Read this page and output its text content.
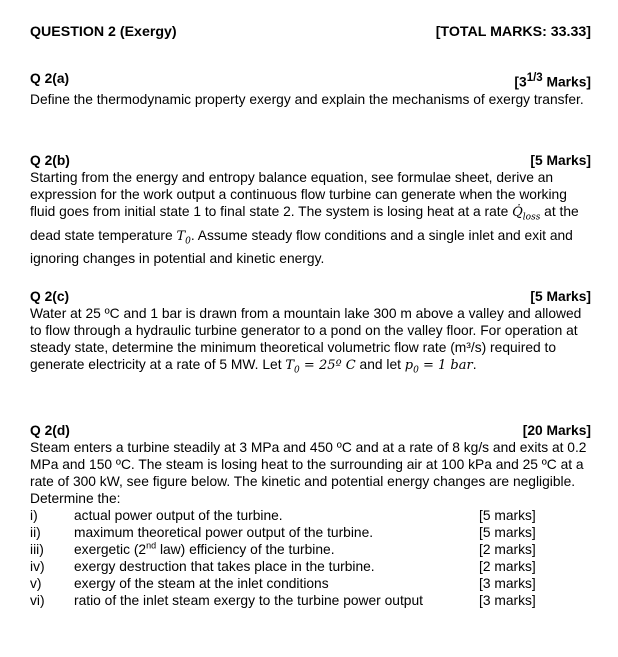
QUESTION 2 (Exergy)	[TOTAL MARKS: 33.33]
Q 2(a)	[$3^{1/3}$ Marks]

Define the thermodynamic property exergy and explain the mechanisms of exergy transfer.

Q 2(b)	[5 Marks]

Starting from the energy and entropy balance equation, see formulae sheet, derive an expression for the work output a continuous flow turbine can generate when the working fluid goes from initial state 1 to final state 2. The system is losing heat at a rate $Q̇_{loss}$ at the dead state temperature $T_0$. Assume steady flow conditions and a single inlet and exit and ignoring changes in potential and kinetic energy.

Q 2(c)	[5 Marks]

Water at 25 ºC and 1 bar is drawn from a mountain lake 300 m above a valley and allowed to flow through a hydraulic turbine generator to a pond on the valley floor. For operation at steady state, determine the minimum theoretical volumetric flow rate (m³/s) required to generate electricity at a rate of 5 MW. Let $T_0$ = 25º C and let $p_0 = 1$ bar.

Q 2(d)	[20 Marks]

Steam enters a turbine steadily at 3 MPa and 450 ºC and at a rate of 8 kg/s and exits at 0.2 MPa and 150 ºC. The steam is losing heat to the surrounding air at 100 kPa and 25 ºC at a rate of 300 kW, see figure below. The kinetic and potential energy changes are negligible. Determine the:

i)	actual power output of the turbine.	[5 marks]
ii)	maximum theoretical power output of the turbine.	[5 marks]
iii)	exergetic (2nd law) efficiency of the turbine.	[2 marks]
iv)	exergy destruction that takes place in the turbine.	[2 marks]
v)	exergy of the steam at the inlet conditions	[3 marks]
vi)	ratio of the inlet steam exergy to the turbine power output	[3 marks]
